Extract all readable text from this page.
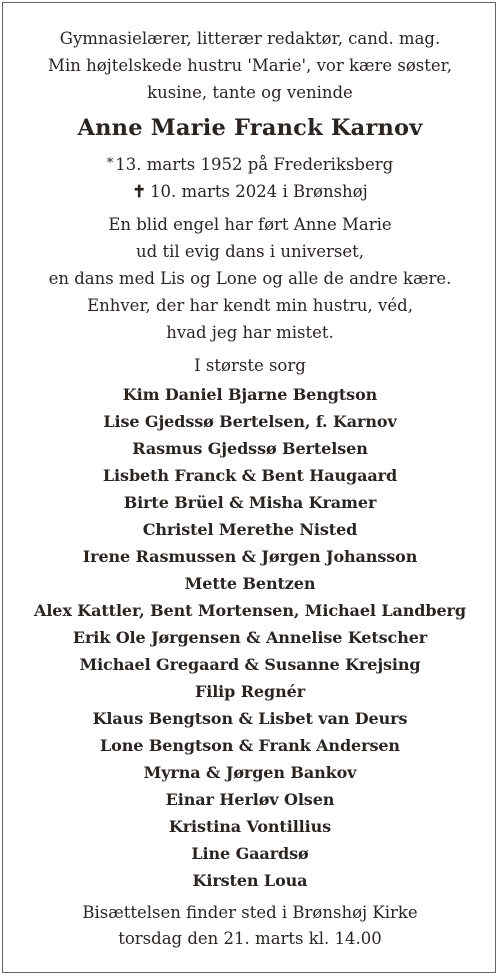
Gymnasielærer, litterær redaktør, cand. mag.
Min højtelskede hustru 'Marie', vor kære søster,
kusine, tante og veninde
Anne Marie Franck Karnov
* 13. marts 1952 på Frederiksberg
✝ 10. marts 2024 i Brønshøj
En blid engel har ført Anne Marie
ud til evig dans i universet,
en dans med Lis og Lone og alle de andre kære.
Enhver, der har kendt min hustru, véd,
hvad jeg har mistet.
I største sorg
Kim Daniel Bjarne Bengtson
Lise Gjedssø Bertelsen, f. Karnov
Rasmus Gjedssø Bertelsen
Lisbeth Franck & Bent Haugaard
Birte Brüel & Misha Kramer
Christel Merethe Nisted
Irene Rasmussen & Jørgen Johansson
Mette Bentzen
Alex Kattler, Bent Mortensen, Michael Landberg
Erik Ole Jørgensen & Annelise Ketscher
Michael Gregaard & Susanne Krejsing
Filip Regnér
Klaus Bengtson & Lisbet van Deurs
Lone Bengtson & Frank Andersen
Myrna & Jørgen Bankov
Einar Herløv Olsen
Kristina Vontillius
Line Gaardsø
Kirsten Loua
Bisættelsen finder sted i Brønshøj Kirke
torsdag den 21. marts kl. 14.00
